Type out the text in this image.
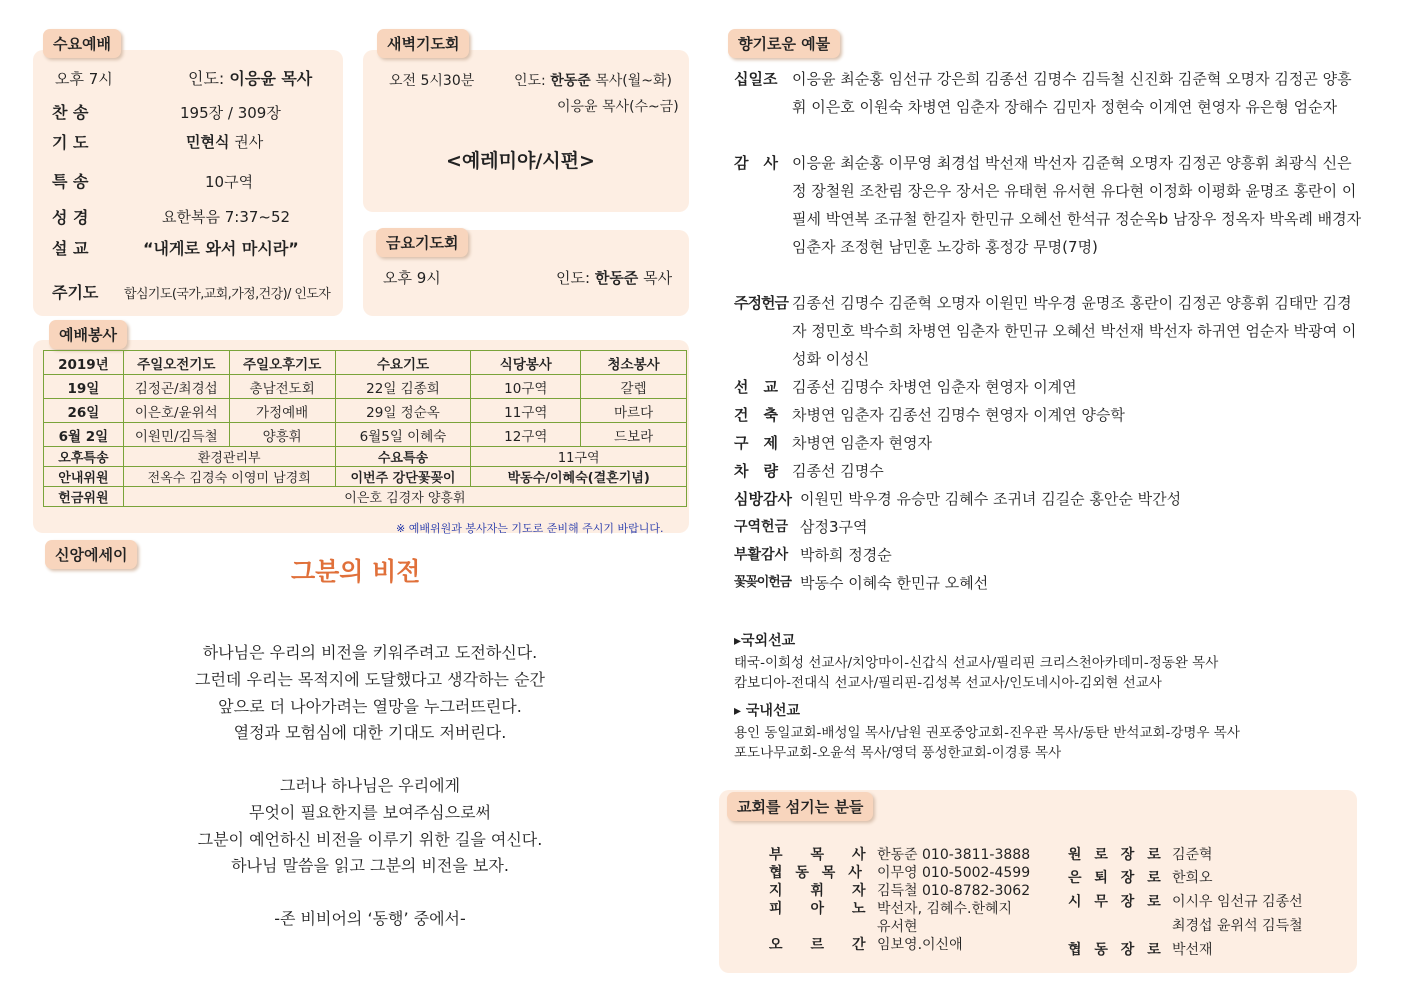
수요예배
오후 7시	인도: 이응윤 목사
찬 송	195장 / 309장
기 도	민현식 권사
특 송	10구역
성 경	요한복음 7:37~52
설 교	“내게로 와서 마시라”
주기도 합심기도(국가,교회,가정,건강)/ 인도자
새벽기도회
오전 5시30분	인도: 한동준 목사(월~화)
이응윤 목사(수~금)
<예레미야/시편>
금요기도회
오후 9시	인도: 한동준 목사
예배봉사
2019년	주일오전기도	주일오후기도	수요기도	식당봉사	청소봉사
19일	김정곤/최경섭	총남전도회	22일 김종희	10구역	갈렙
26일	이은호/윤위석	가정예배	29일 정순옥	11구역	마르다
6월 2일	이원민/김득철	양흥휘	6월5일 이혜숙	12구역	드보라
오후특송	환경관리부		수요특송	11구역	
안내위원	전옥수 김경숙 이영미 남경희		이번주 강단꽃꽂이	박동수/이혜숙(결혼기념)	
헌금위원	이은호 김경자 양흥휘				
※ 예배위원과 봉사자는 기도로 준비해 주시기 바랍니다.
신앙에세이
그분의 비전
하나님은 우리의 비전을 키워주려고 도전하신다.
그런데 우리는 목적지에 도달했다고 생각하는 순간
앞으로 더 나아가려는 열망을 누그러뜨린다.
열정과 모험심에 대한 기대도 저버린다.
그러나 하나님은 우리에게
무엇이 필요한지를 보여주심으로써
그분이 예언하신 비전을 이루기 위한 길을 여신다.
하나님 말씀을 읽고 그분의 비전을 보자.
-존 비비어의 ‘동행’ 중에서-
향기로운 예물
십일조 이응윤 최순홍 임선규 강은희 김종선 김명수 김득철 신진화 김준혁 오명자 김정곤 양흥휘 이은호 이원숙 차병연 임춘자 장해수 김민자 정현숙 이계연 현영자 유은형 엄순자
감　사 이응윤 최순홍 이무영 최경섭 박선재 박선자 김준혁 오명자 김정곤 양흥휘 최광식 신은정 장철원 조찬림 장은우 장서은 유태현 유서현 유다현 이정화 이평화 윤명조 홍란이 이필세 박연복 조규철 한길자 한민규 오혜선 한석규 정순옥b 남장우 정옥자 박옥례 배경자 임춘자 조정현 남민훈 노강하 홍정강 무명(7명)
주정헌금 김종선 김명수 김준혁 오명자 이원민 박우경 윤명조 홍란이 김정곤 양흥휘 김태만 김경자 정민호 박수희 차병연 임춘자 한민규 오혜선 박선재 박선자 하귀연 엄순자 박광여 이성화 이성신
선　교 김종선 김명수 차병연 임춘자 현영자 이계연
건　축 차병연 임춘자 김종선 김명수 현영자 이계연 양승학
구　제 차병연 임춘자 현영자
차　량 김종선 김명수
심방감사 이원민 박우경 유승만 김혜수 조귀녀 김길순 홍안순 박간성
구역헌금 삼정3구역
부활감사 박하희 정경순
꽃꽂이헌금 박동수 이혜숙 한민규 오혜선
▸국외선교
태국-이희성 선교사/치앙마이-신갑식 선교사/필리핀 크리스천아카데미-정동완 목사
캄보디아-전대식 선교사/필리핀-김성복 선교사/인도네시아-김외현 선교사
▸ 국내선교
용인 동일교회-배성일 목사/남원 권포중앙교회-진우관 목사/동탄 반석교회-강명우 목사
포도나무교회-오윤석 목사/영덕 풍성한교회-이경룡 목사
교회를 섬기는 분들
부　　목　　사 한동준 010-3811-3888
협 동 목 사 이무영 010-5002-4599
지　　휘　　자 김득철 010-8782-3062
피　　아　　노 박선자, 김혜수.한혜지
유서현
오　　르　　간 임보영.이신애
원 로 장 로 김준혁
은 퇴 장 로 한희오
시 무 장 로 이시우 임선규 김종선
최경섭 윤위석 김득철
협 동 장 로 박선재
